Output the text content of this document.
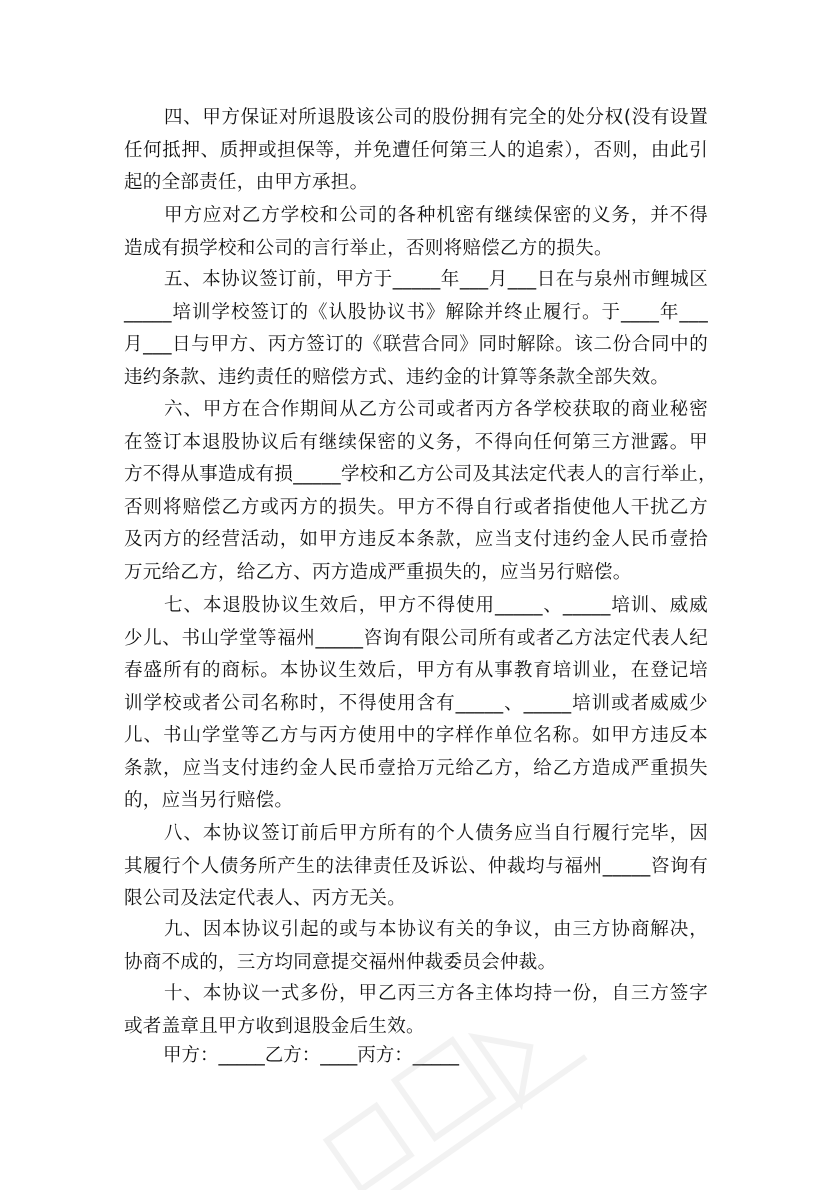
四、甲方保证对所退股该公司的股份拥有完全的处分权(没有设置
任何抵押、质押或担保等，并免遭任何第三人的追索），否则，由此引
起的全部责任，由甲方承担。
甲方应对乙方学校和公司的各种机密有继续保密的义务，并不得
造成有损学校和公司的言行举止，否则将赔偿乙方的损失。
五、本协议签订前，甲方于_____年___月___日在与泉州市鲤城区
_____培训学校签订的《认股协议书》解除并终止履行。于____年___
月___日与甲方、丙方签订的《联营合同》同时解除。该二份合同中的
违约条款、违约责任的赔偿方式、违约金的计算等条款全部失效。
六、甲方在合作期间从乙方公司或者丙方各学校获取的商业秘密
在签订本退股协议后有继续保密的义务，不得向任何第三方泄露。甲
方不得从事造成有损_____学校和乙方公司及其法定代表人的言行举止，
否则将赔偿乙方或丙方的损失。甲方不得自行或者指使他人干扰乙方
及丙方的经营活动，如甲方违反本条款，应当支付违约金人民币壹拾
万元给乙方，给乙方、丙方造成严重损失的，应当另行赔偿。
七、本退股协议生效后，甲方不得使用_____、_____培训、威威
少儿、书山学堂等福州_____咨询有限公司所有或者乙方法定代表人纪
春盛所有的商标。本协议生效后，甲方有从事教育培训业，在登记培
训学校或者公司名称时，不得使用含有_____、_____培训或者威威少
儿、书山学堂等乙方与丙方使用中的字样作单位名称。如甲方违反本
条款，应当支付违约金人民币壹拾万元给乙方，给乙方造成严重损失
的，应当另行赔偿。
八、本协议签订前后甲方所有的个人债务应当自行履行完毕，因
其履行个人债务所产生的法律责任及诉讼、仲裁均与福州_____咨询有
限公司及法定代表人、丙方无关。
九、因本协议引起的或与本协议有关的争议，由三方协商解决，
协商不成的，三方均同意提交福州仲裁委员会仲裁。
十、本协议一式多份，甲乙丙三方各主体均持一份，自三方签字
或者盖章且甲方收到退股金后生效。
甲方：_____乙方：____丙方：_____
